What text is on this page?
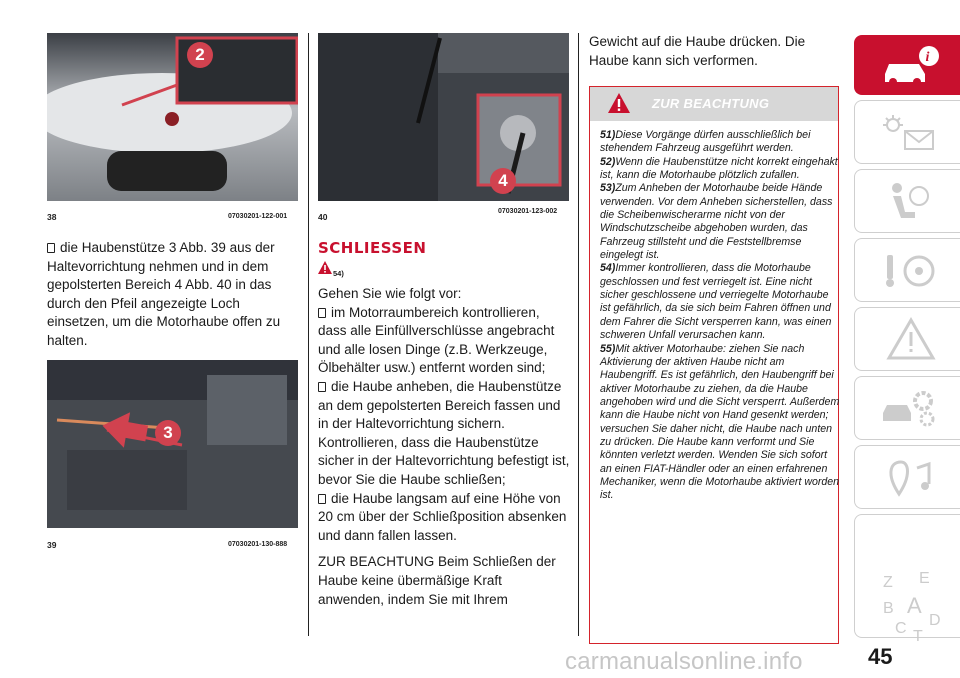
2
38	07030201-122-001

die Haubenstütze 3 Abb. 39 aus der Haltevorrichtung nehmen und in dem gepolsterten Bereich 4 Abb. 40 in das durch den Pfeil angezeigte Loch einsetzen, um die Motorhaube offen zu halten.

3
39	07030201-130-888
4
40
07030201-123-002
SCHLIESSEN
54)

Gehen Sie wie folgt vor:

im Motorraumbereich kontrollieren, dass alle Einfüllverschlüsse angebracht und alle losen Dinge (z.B. Werkzeuge, Ölbehälter usw.) entfernt worden sind;

die Haube anheben, die Haubenstütze an dem gepolsterten Bereich fassen und in der Haltevorrichtung sichern. Kontrollieren, dass die Haubenstütze sicher in der Haltevorrichtung befestigt ist, bevor Sie die Haube schließen;

die Haube langsam auf eine Höhe von 20 cm über der Schließposition absenken und dann fallen lassen.

ZUR BEACHTUNG Beim Schließen der Haube keine übermäßige Kraft anwenden, indem Sie mit Ihrem

Gewicht auf die Haube drücken. Die Haube kann sich verformen.
ZUR BEACHTUNG
51)Diese Vorgänge dürfen ausschließlich bei stehendem Fahrzeug ausgeführt werden.
52)Wenn die Haubenstütze nicht korrekt eingehakt ist, kann die Motorhaube plötzlich zufallen.
53)Zum Anheben der Motorhaube beide Hände verwenden. Vor dem Anheben sicherstellen, dass die Scheibenwischerarme nicht von der Windschutzscheibe abgehoben wurden, das Fahrzeug stillsteht und die Feststellbremse eingelegt ist.
54)Immer kontrollieren, dass die Motorhaube geschlossen und fest verriegelt ist. Eine nicht sicher geschlossene und verriegelte Motorhaube ist gefährlich, da sie sich beim Fahren öffnen und dem Fahrer die Sicht versperren kann, was einen schweren Unfall verursachen kann.
55)Mit aktiver Motorhaube: ziehen Sie nach Aktivierung der aktiven Haube nicht am Haubengriff. Es ist gefährlich, den Haubengriff bei aktiver Motorhaube zu ziehen, da die Haube angehoben wird und die Sicht versperrt. Außerdem kann die Haube nicht von Hand gesenkt werden; versuchen Sie daher nicht, die Haube nach unten zu drücken. Die Haube kann verformt und Sie könnten verletzt werden. Wenden Sie sich sofort an einen FIAT-Händler oder an einen erfahrenen Mechaniker, wenn die Motorhaube aktiviert worden ist.
i
Z E
B A
C D
T
45
carmanualsonline.info
